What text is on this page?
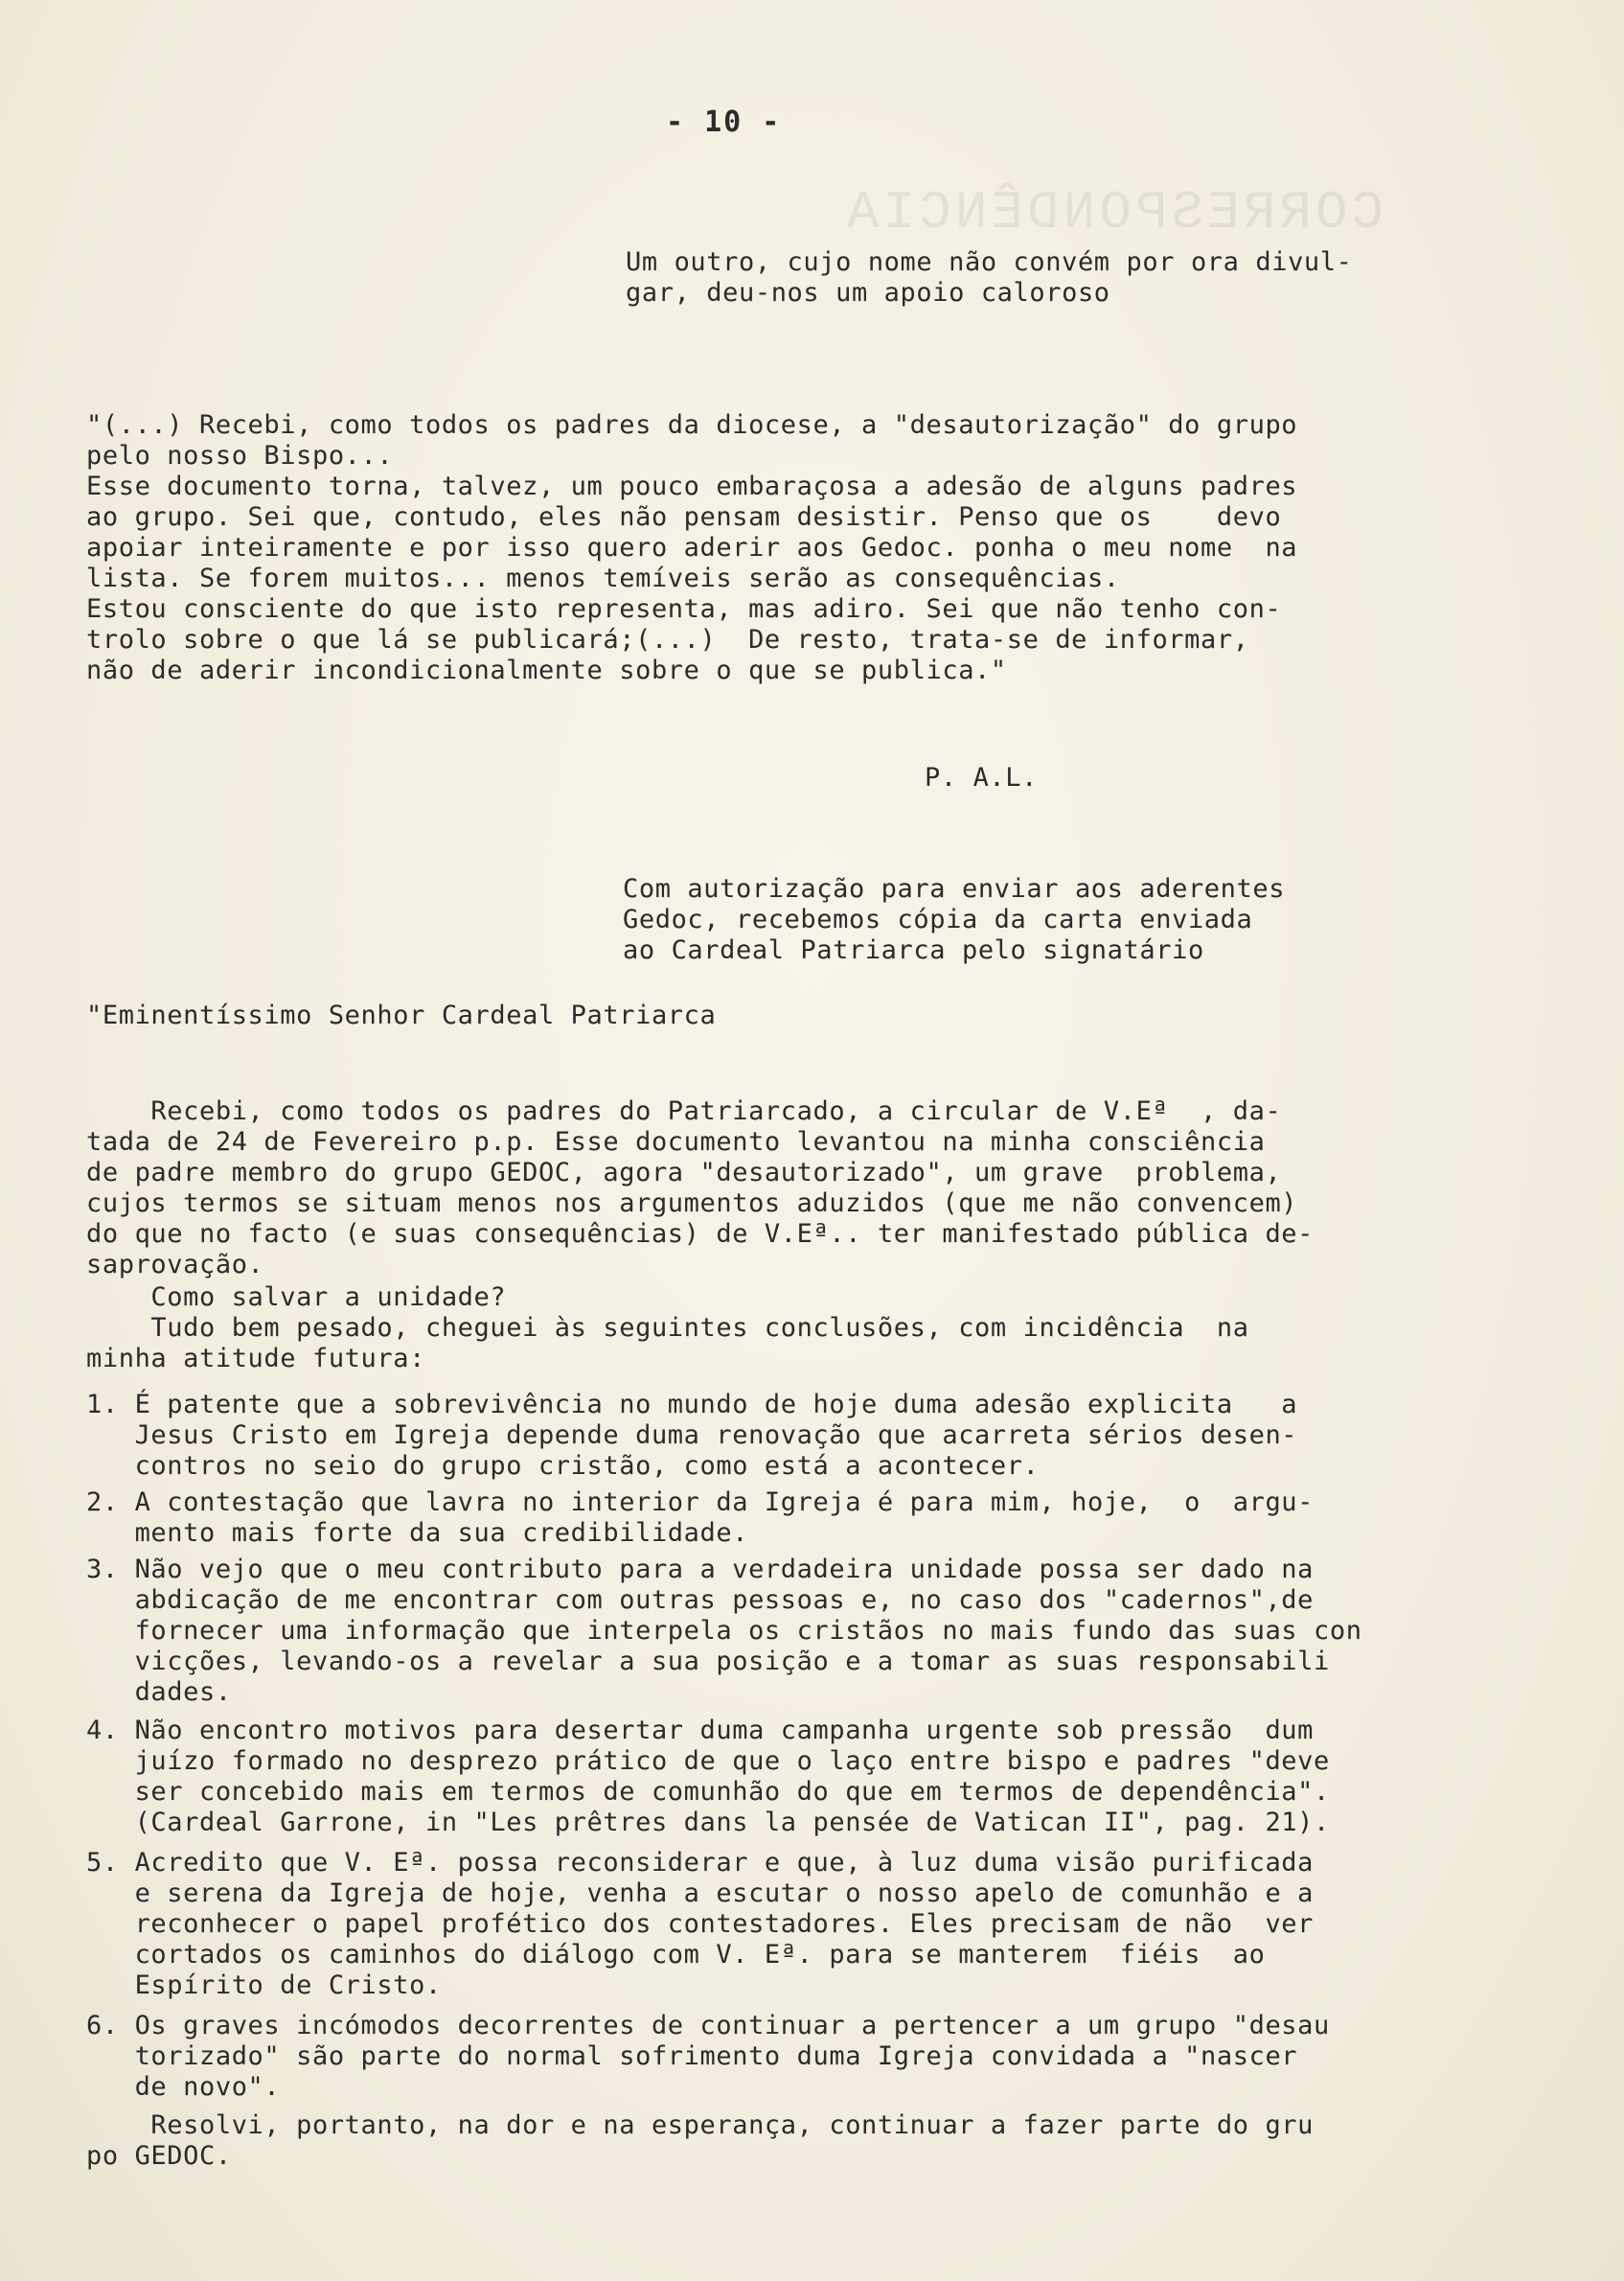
CORRESPONDÊNCIA
- 10 -
Um outro, cujo nome não convém por ora divul-
gar, deu-nos um apoio caloroso
"(...) Recebi, como todos os padres da diocese, a "desautorização" do grupo
pelo nosso Bispo...
Esse documento torna, talvez, um pouco embaraçosa a adesão de alguns padres
ao grupo. Sei que, contudo, eles não pensam desistir. Penso que os    devo
apoiar inteiramente e por isso quero aderir aos Gedoc. ponha o meu nome  na
lista. Se forem muitos... menos temíveis serão as consequências.
Estou consciente do que isto representa, mas adiro. Sei que não tenho con-
trolo sobre o que lá se publicará;(...)  De resto, trata-se de informar,
não de aderir incondicionalmente sobre o que se publica."
P. A.L.
Com autorização para enviar aos aderentes
Gedoc, recebemos cópia da carta enviada
ao Cardeal Patriarca pelo signatário
"Eminentíssimo Senhor Cardeal Patriarca
Recebi, como todos os padres do Patriarcado, a circular de V.Eª  , da-
tada de 24 de Fevereiro p.p. Esse documento levantou na minha consciência
de padre membro do grupo GEDOC, agora "desautorizado", um grave  problema,
cujos termos se situam menos nos argumentos aduzidos (que me não convencem)
do que no facto (e suas consequências) de V.Eª.. ter manifestado pública de-
saprovação.
Como salvar a unidade?
Tudo bem pesado, cheguei às seguintes conclusões, com incidência  na
minha atitude futura:
1. É patente que a sobrevivência no mundo de hoje duma adesão explicita   a
Jesus Cristo em Igreja depende duma renovação que acarreta sérios desen-
contros no seio do grupo cristão, como está a acontecer.
2. A contestação que lavra no interior da Igreja é para mim, hoje,  o  argu-
mento mais forte da sua credibilidade.
3. Não vejo que o meu contributo para a verdadeira unidade possa ser dado na
abdicação de me encontrar com outras pessoas e, no caso dos "cadernos",de
fornecer uma informação que interpela os cristãos no mais fundo das suas con
vicções, levando-os a revelar a sua posição e a tomar as suas responsabili
dades.
4. Não encontro motivos para desertar duma campanha urgente sob pressão  dum
juízo formado no desprezo prático de que o laço entre bispo e padres "deve
ser concebido mais em termos de comunhão do que em termos de dependência".
(Cardeal Garrone, in "Les prêtres dans la pensée de Vatican II", pag. 21).
5. Acredito que V. Eª. possa reconsiderar e que, à luz duma visão purificada
e serena da Igreja de hoje, venha a escutar o nosso apelo de comunhão e a
reconhecer o papel profético dos contestadores. Eles precisam de não  ver
cortados os caminhos do diálogo com V. Eª. para se manterem  fiéis  ao
Espírito de Cristo.
6. Os graves incómodos decorrentes de continuar a pertencer a um grupo "desau
torizado" são parte do normal sofrimento duma Igreja convidada a "nascer
de novo".
Resolvi, portanto, na dor e na esperança, continuar a fazer parte do gru
po GEDOC.
